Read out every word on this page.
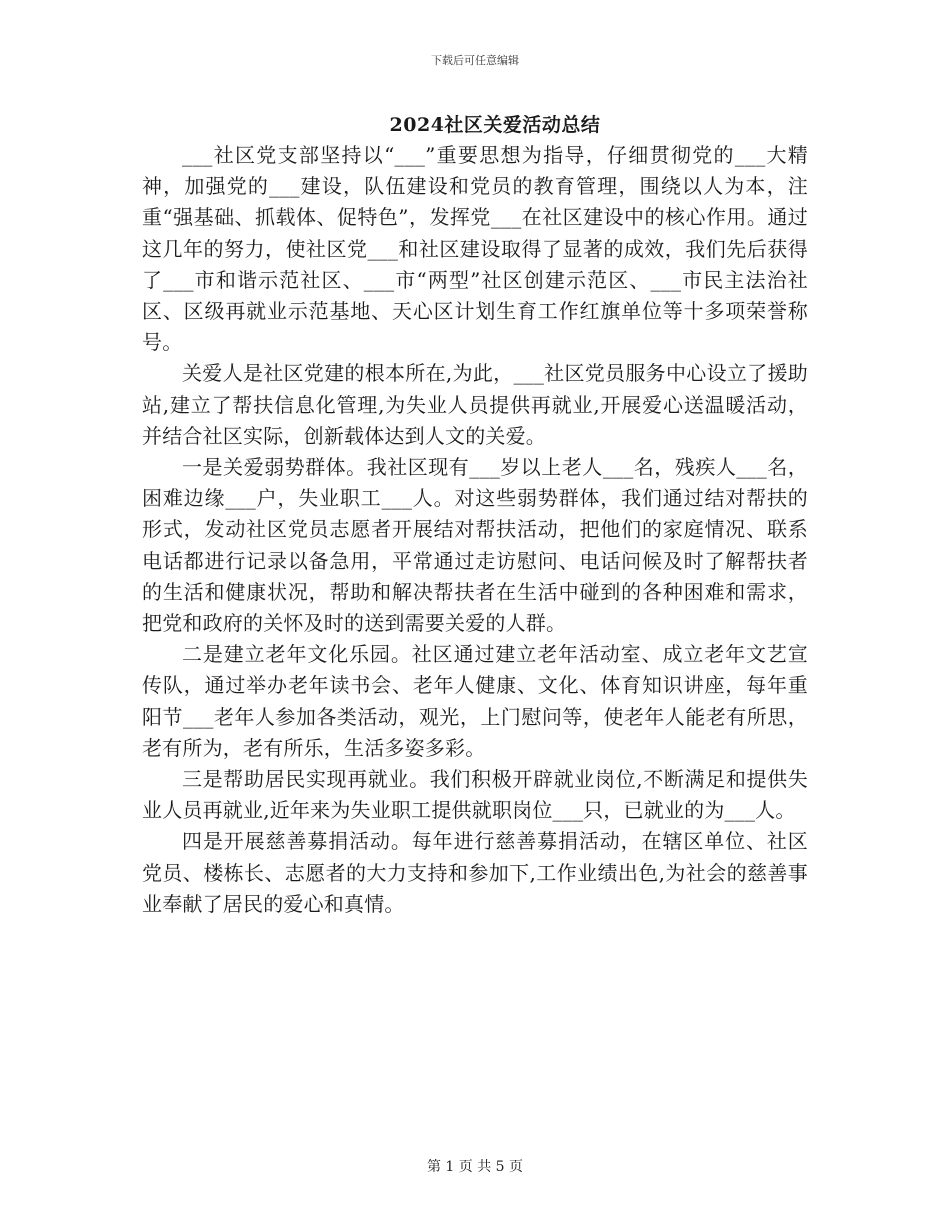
下载后可任意编辑
2024社区关爱活动总结

___社区党支部坚持以“___”重要思想为指导，仔细贯彻党的___大精神，加强党的___建设，队伍建设和党员的教育管理，围绕以人为本，注重“强基础、抓载体、促特色”，发挥党___在社区建设中的核心作用。通过这几年的努力，使社区党___和社区建设取得了显著的成效，我们先后获得了___市和谐示范社区、___市“两型”社区创建示范区、___市民主法治社区、区级再就业示范基地、天心区计划生育工作红旗单位等十多项荣誉称号。

关爱人是社区党建的根本所在,为此，___社区党员服务中心设立了援助站,建立了帮扶信息化管理,为失业人员提供再就业,开展爱心送温暖活动，并结合社区实际，创新载体达到人文的关爱。

一是关爱弱势群体。我社区现有___岁以上老人___名，残疾人___名，困难边缘___户，失业职工___人。对这些弱势群体，我们通过结对帮扶的形式，发动社区党员志愿者开展结对帮扶活动，把他们的家庭情况、联系电话都进行记录以备急用，平常通过走访慰问、电话问候及时了解帮扶者的生活和健康状况，帮助和解决帮扶者在生活中碰到的各种困难和需求，把党和政府的关怀及时的送到需要关爱的人群。

二是建立老年文化乐园。社区通过建立老年活动室、成立老年文艺宣传队，通过举办老年读书会、老年人健康、文化、体育知识讲座，每年重阳节___老年人参加各类活动，观光，上门慰问等，使老年人能老有所思，老有所为，老有所乐，生活多姿多彩。

三是帮助居民实现再就业。我们积极开辟就业岗位,不断满足和提供失业人员再就业,近年来为失业职工提供就职岗位___只，已就业的为___人。

四是开展慈善募捐活动。每年进行慈善募捐活动，在辖区单位、社区党员、楼栋长、志愿者的大力支持和参加下,工作业绩出色,为社会的慈善事业奉献了居民的爱心和真情。

第 1 页 共 5 页
